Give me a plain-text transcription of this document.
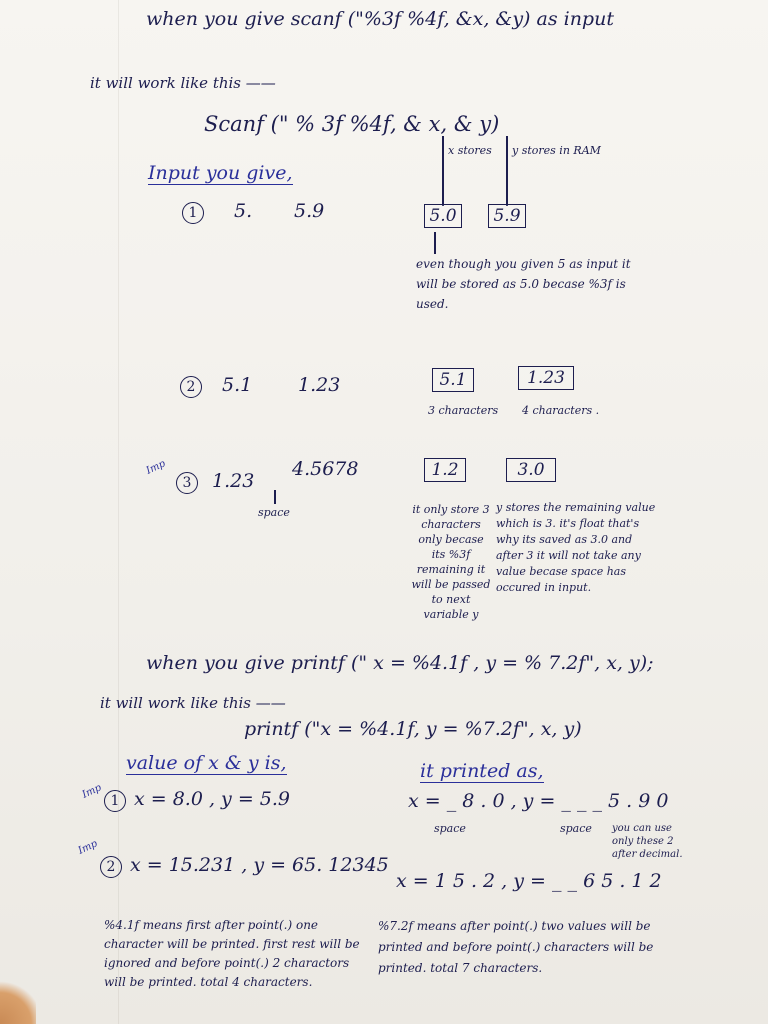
when you give scanf ("%3f %4f, &x, &y) as input
it will work like this ——
Scanf (" % 3f %4f, & x, & y)
x stores y stores in RAM
Input you give,
1	5. 5.9	5.0	5.9
even though you given 5 as input it will be stored as 5.0 becase %3f is used.
2	5.1 1.23	5.1	1.23
3 characters 4 characters .
Imp
3	1.23
4.5678
space
1.2	3.0
it only store 3 characters only becase its %3f remaining it will be passed to next variable y
y stores the remaining value which is 3. it's float that's why its saved as 3.0 and after 3 it will not take any value becase space has occured in input.
when you give printf (" x = %4.1f , y = % 7.2f", x, y);
it will work like this ——
printf ("x = %4.1f, y = %7.2f", x, y)
value of x & y is,	it printed as,
Imp
1 x = 8.0 , y = 5.9	x = _ 8 . 0 , y = _ _ _ 5 . 9 0
space	space you can use only these 2 after decimal.
Imp
2 x = 15.231 , y = 65. 12345
x = 1 5 . 2 , y = _ _ 6 5 . 1 2
%4.1f means first after point(.) one character will be printed. first rest will be ignored and before point(.) 2 charactors will be printed. total 4 characters.
%7.2f means after point(.) two values will be printed and before point(.) characters will be printed. total 7 characters.
